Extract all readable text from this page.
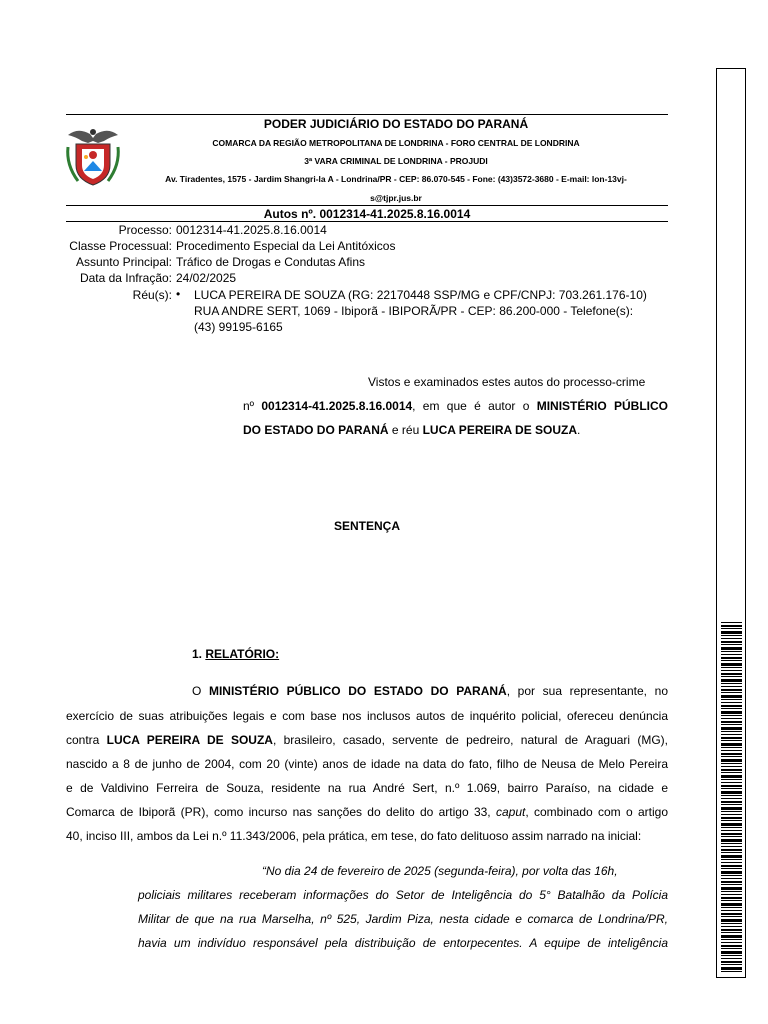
PODER JUDICIÁRIO DO ESTADO DO PARANÁ
COMARCA DA REGIÃO METROPOLITANA DE LONDRINA - FORO CENTRAL DE LONDRINA
3ª VARA CRIMINAL DE LONDRINA - PROJUDI
Av. Tiradentes, 1575 - Jardim Shangri-la A - Londrina/PR - CEP: 86.070-545 - Fone: (43)3572-3680 - E-mail: lon-13vj-
s@tjpr.jus.br
Autos nº. 0012314-41.2025.8.16.0014
Processo: 0012314-41.2025.8.16.0014
Classe Processual: Procedimento Especial da Lei Antitóxicos
Assunto Principal: Tráfico de Drogas e Condutas Afins
Data da Infração: 24/02/2025
Réu(s): • LUCA PEREIRA DE SOUZA (RG: 22170448 SSP/MG e CPF/CNPJ: 703.261.176-10)
RUA ANDRE SERT, 1069 - Ibiporã - IBIPORÃ/PR - CEP: 86.200-000 - Telefone(s):
(43) 99195-6165
Vistos e examinados estes autos do processo-crime
nº 0012314-41.2025.8.16.0014, em que é autor o MINISTÉRIO PÚBLICO
DO ESTADO DO PARANÁ e réu LUCA PEREIRA DE SOUZA.
SENTENÇA
1. RELATÓRIO:
O MINISTÉRIO PÚBLICO DO ESTADO DO PARANÁ, por sua representante, no
exercício de suas atribuições legais e com base nos inclusos autos de inquérito policial, ofereceu denúncia
contra LUCA PEREIRA DE SOUZA, brasileiro, casado, servente de pedreiro, natural de Araguari (MG),
nascido a 8 de junho de 2004, com 20 (vinte) anos de idade na data do fato, filho de Neusa de Melo Pereira
e de Valdivino Ferreira de Souza, residente na rua André Sert, n.º 1.069, bairro Paraíso, na cidade e
Comarca de Ibiporã (PR), como incurso nas sanções do delito do artigo 33, caput, combinado com o artigo
40, inciso III, ambos da Lei n.º 11.343/2006, pela prática, em tese, do fato delituoso assim narrado na inicial:
“No dia 24 de fevereiro de 2025 (segunda-feira), por volta das 16h,
policiais militares receberam informações do Setor de Inteligência do 5° Batalhão da Polícia
Militar de que na rua Marselha, nº 525, Jardim Piza, nesta cidade e comarca de Londrina/PR,
havia um indivíduo responsável pela distribuição de entorpecentes. A equipe de inteligência
